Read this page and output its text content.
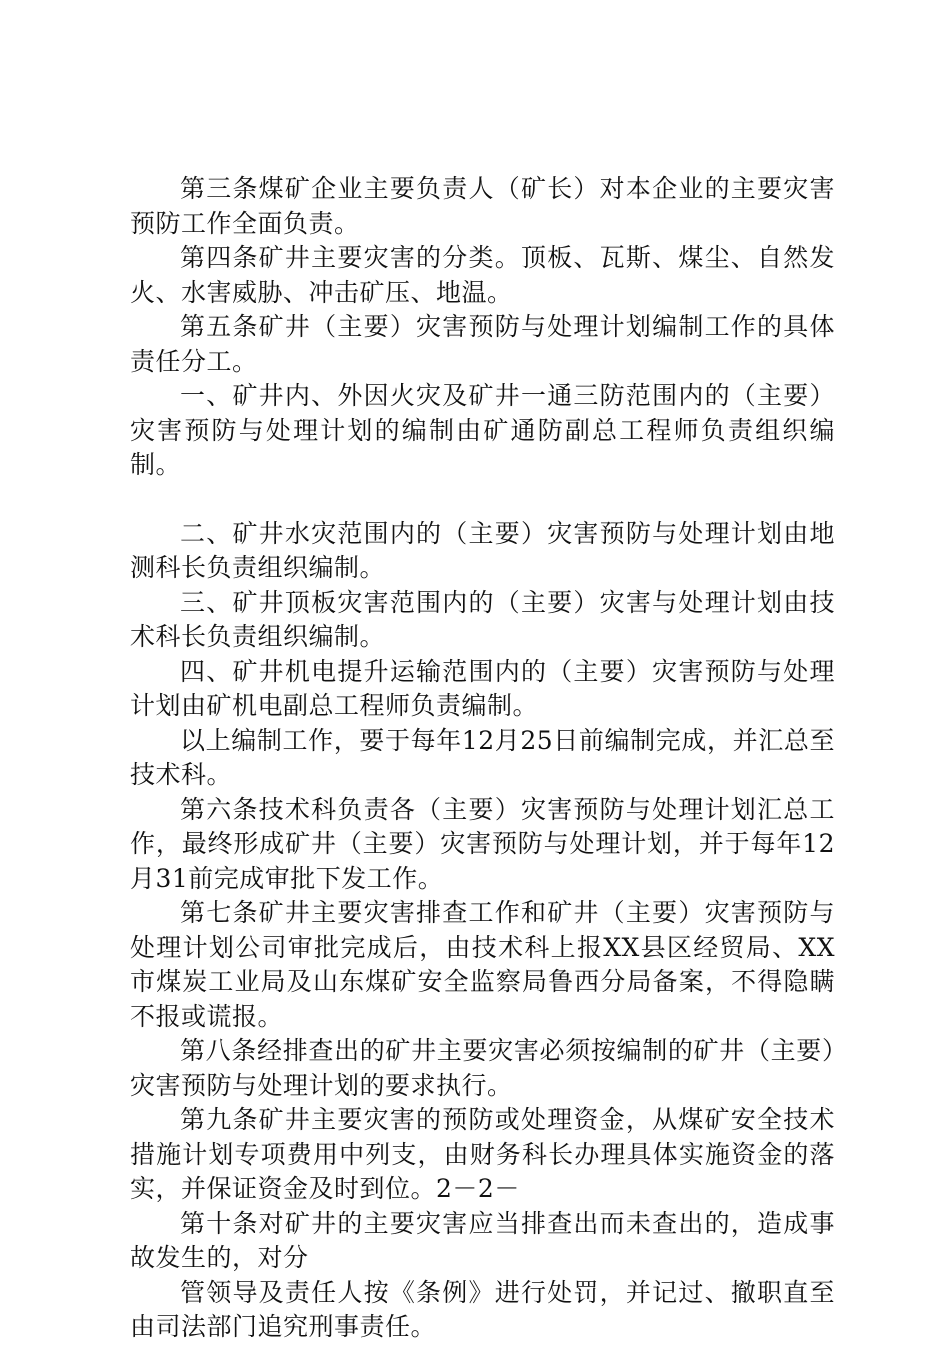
第三条煤矿企业主要负责人（矿长）对本企业的主要灾害预防工作全面负责。

第四条矿井主要灾害的分类。顶板、瓦斯、煤尘、自然发火、水害威胁、冲击矿压、地温。

第五条矿井（主要）灾害预防与处理计划编制工作的具体责任分工。

一、矿井内、外因火灾及矿井一通三防范围内的（主要）灾害预防与处理计划的编制由矿通防副总工程师负责组织编制。

二、矿井水灾范围内的（主要）灾害预防与处理计划由地测科长负责组织编制。

三、矿井顶板灾害范围内的（主要）灾害与处理计划由技术科长负责组织编制。

四、矿井机电提升运输范围内的（主要）灾害预防与处理计划由矿机电副总工程师负责编制。

以上编制工作，要于每年12月25日前编制完成，并汇总至技术科。

第六条技术科负责各（主要）灾害预防与处理计划汇总工作，最终形成矿井（主要）灾害预防与处理计划，并于每年12月31前完成审批下发工作。

第七条矿井主要灾害排查工作和矿井（主要）灾害预防与处理计划公司审批完成后，由技术科上报XX县区经贸局、XX市煤炭工业局及山东煤矿安全监察局鲁西分局备案，不得隐瞒不报或谎报。

第八条经排查出的矿井主要灾害必须按编制的矿井（主要）灾害预防与处理计划的要求执行。

第九条矿井主要灾害的预防或处理资金，从煤矿安全技术措施计划专项费用中列支，由财务科长办理具体实施资金的落实，并保证资金及时到位。2－2－

第十条对矿井的主要灾害应当排查出而未查出的，造成事故发生的，对分

管领导及责任人按《条例》进行处罚，并记过、撤职直至由司法部门追究刑事责任。
